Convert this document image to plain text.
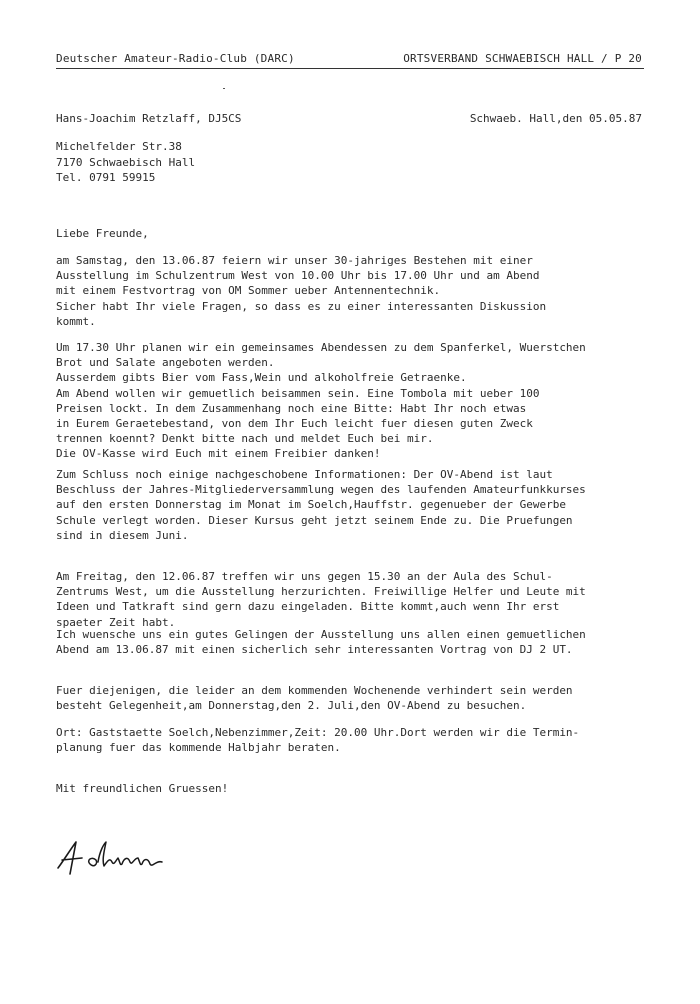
Deutscher Amateur-Radio-Club (DARC)	ORTSVERBAND SCHWAEBISCH HALL / P 20
Hans-Joachim Retzlaff, DJ5CS	Schwaeb. Hall,den 05.05.87
Michelfelder Str.38
7170 Schwaebisch Hall
Tel. 0791 59915
Liebe Freunde,
am Samstag, den 13.06.87 feiern wir unser 30-jahriges Bestehen mit einer
Ausstellung im Schulzentrum West von 10.00 Uhr bis 17.00 Uhr und am Abend
mit einem Festvortrag von OM Sommer ueber Antennentechnik.
Sicher habt Ihr viele Fragen, so dass es zu einer interessanten Diskussion
kommt.
Um 17.30 Uhr planen wir ein gemeinsames Abendessen zu dem Spanferkel, Wuerstchen
Brot und Salate angeboten werden.
Ausserdem gibts Bier vom Fass,Wein und alkoholfreie Getraenke.
Am Abend wollen wir gemuetlich beisammen sein. Eine Tombola mit ueber 100
Preisen lockt. In dem Zusammenhang noch eine Bitte: Habt Ihr noch etwas
in Eurem Geraetebestand, von dem Ihr Euch leicht fuer diesen guten Zweck
trennen koennt? Denkt bitte nach und meldet Euch bei mir.
Die OV-Kasse wird Euch mit einem Freibier danken!
Zum Schluss noch einige nachgeschobene Informationen: Der OV-Abend ist laut
Beschluss der Jahres-Mitgliederversammlung wegen des laufenden Amateurfunkkurses
auf den ersten Donnerstag im Monat im Soelch,Hauffstr. gegenueber der Gewerbe
Schule verlegt worden. Dieser Kursus geht jetzt seinem Ende zu. Die Pruefungen
sind in diesem Juni.
Am Freitag, den 12.06.87 treffen wir uns gegen 15.30 an der Aula des Schul-
Zentrums West, um die Ausstellung herzurichten. Freiwillige Helfer und Leute mit
Ideen und Tatkraft sind gern dazu eingeladen. Bitte kommt,auch wenn Ihr erst
spaeter Zeit habt.
Ich wuensche uns ein gutes Gelingen der Ausstellung uns allen einen gemuetlichen
Abend am 13.06.87 mit einen sicherlich sehr interessanten Vortrag von DJ 2 UT.
Fuer diejenigen, die leider an dem kommenden Wochenende verhindert sein werden
besteht Gelegenheit,am Donnerstag,den 2. Juli,den OV-Abend zu besuchen.
Ort: Gaststaette Soelch,Nebenzimmer,Zeit: 20.00 Uhr.Dort werden wir die Termin-
planung fuer das kommende Halbjahr beraten.
Mit freundlichen Gruessen!
